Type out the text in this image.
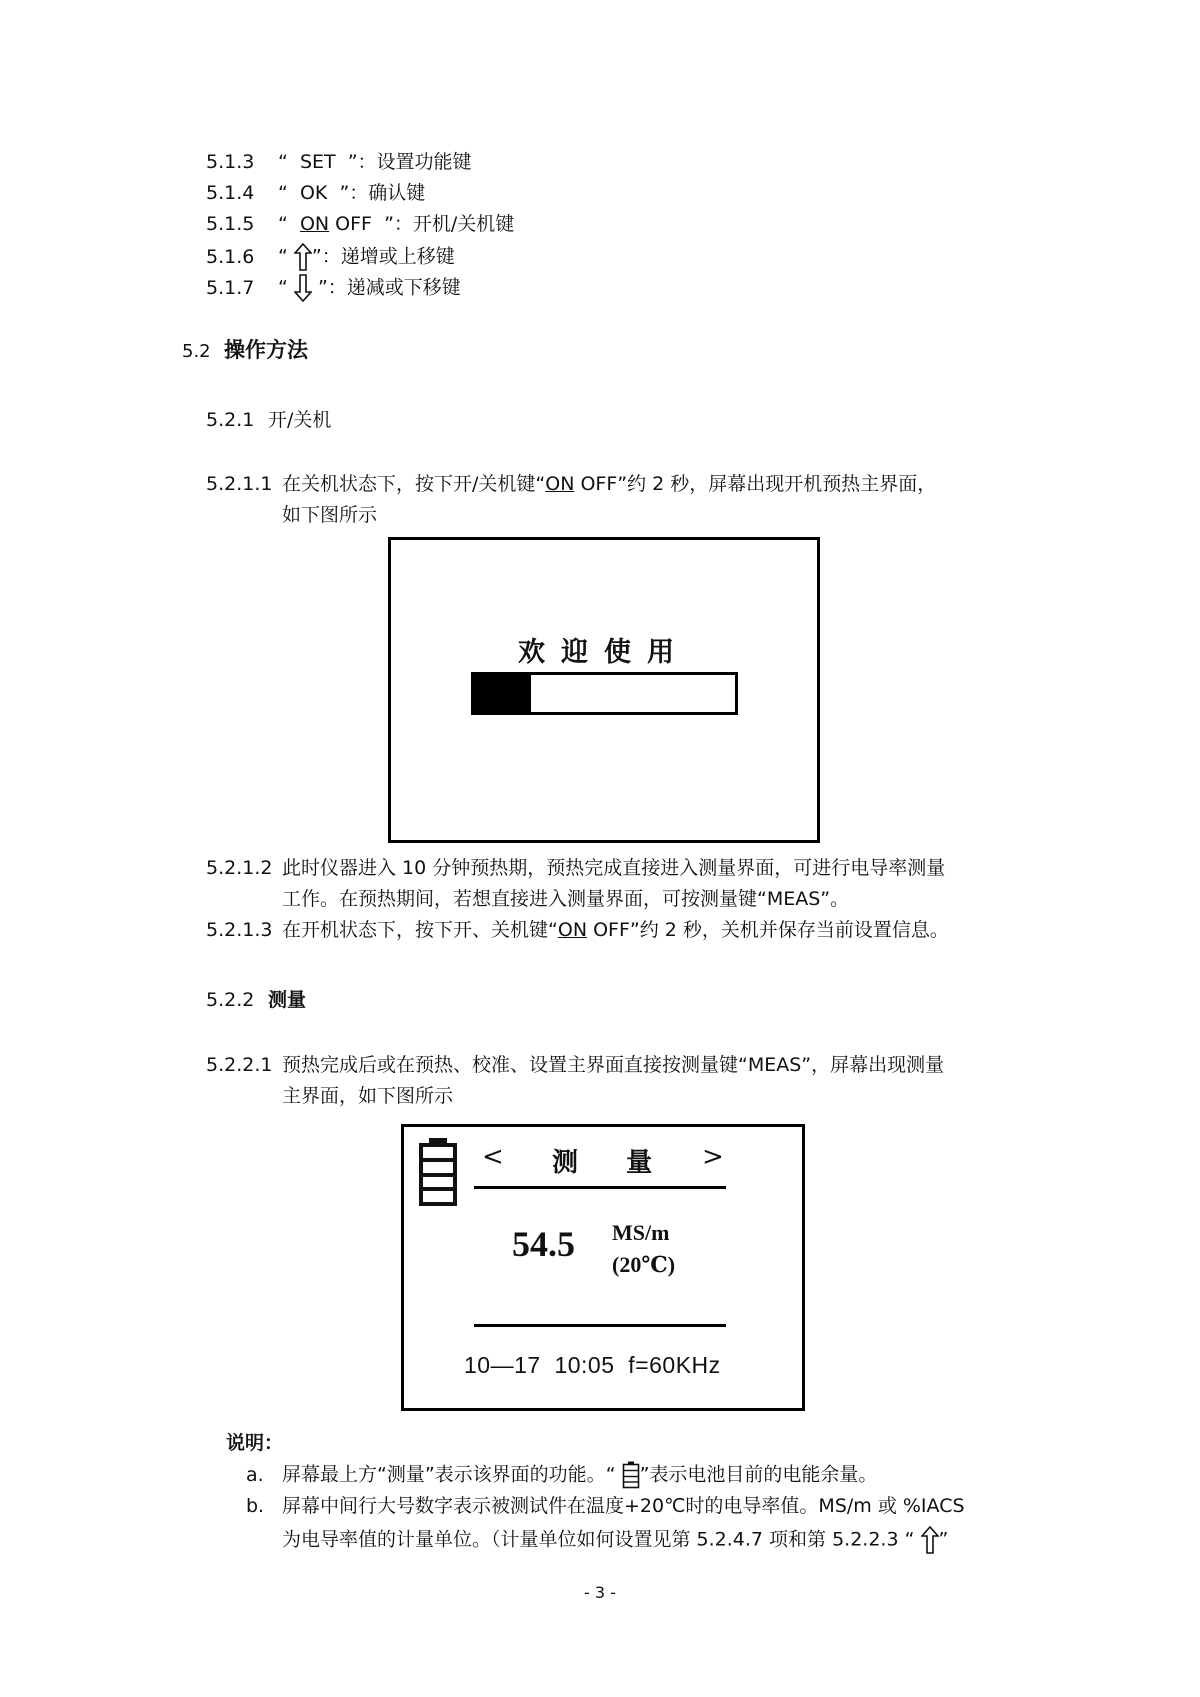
5.1.3 “ SET ”：设置功能键
5.1.4 “ OK ”：确认键
5.1.5 “ ON OFF ”：开机/关机键
5.1.6 “ ”：递增或上移键
5.1.7 “ ”：递减或下移键
5.2 操作方法
5.2.1 开/关机
5.2.1.1 在关机状态下，按下开/关机键“ON OFF”约 2 秒，屏幕出现开机预热主界面，
如下图所示
欢迎使用
5.2.1.2 此时仪器进入 10 分钟预热期，预热完成直接进入测量界面，可进行电导率测量
工作。在预热期间，若想直接进入测量界面，可按测量键“MEAS”。
5.2.1.3 在开机状态下，按下开、关机键“ON OFF”约 2 秒，关机并保存当前设置信息。
5.2.2 测量
5.2.2.1 预热完成后或在预热、校准、设置主界面直接按测量键“MEAS”，屏幕出现测量
主界面，如下图所示
< 测  量 >
54.5 MS/m
(20℃)
10—17  10:05  f=60KHz
说明：
a. 屏幕最上方“测量”表示该界面的功能。“ ”表示电池目前的电能余量。
b. 屏幕中间行大号数字表示被测试件在温度+20℃时的电导率值。MS/m 或 %IACS
为电导率值的计量单位。（计量单位如何设置见第 5.2.4.7 项和第 5.2.2.3 “ ”
- 3 -
